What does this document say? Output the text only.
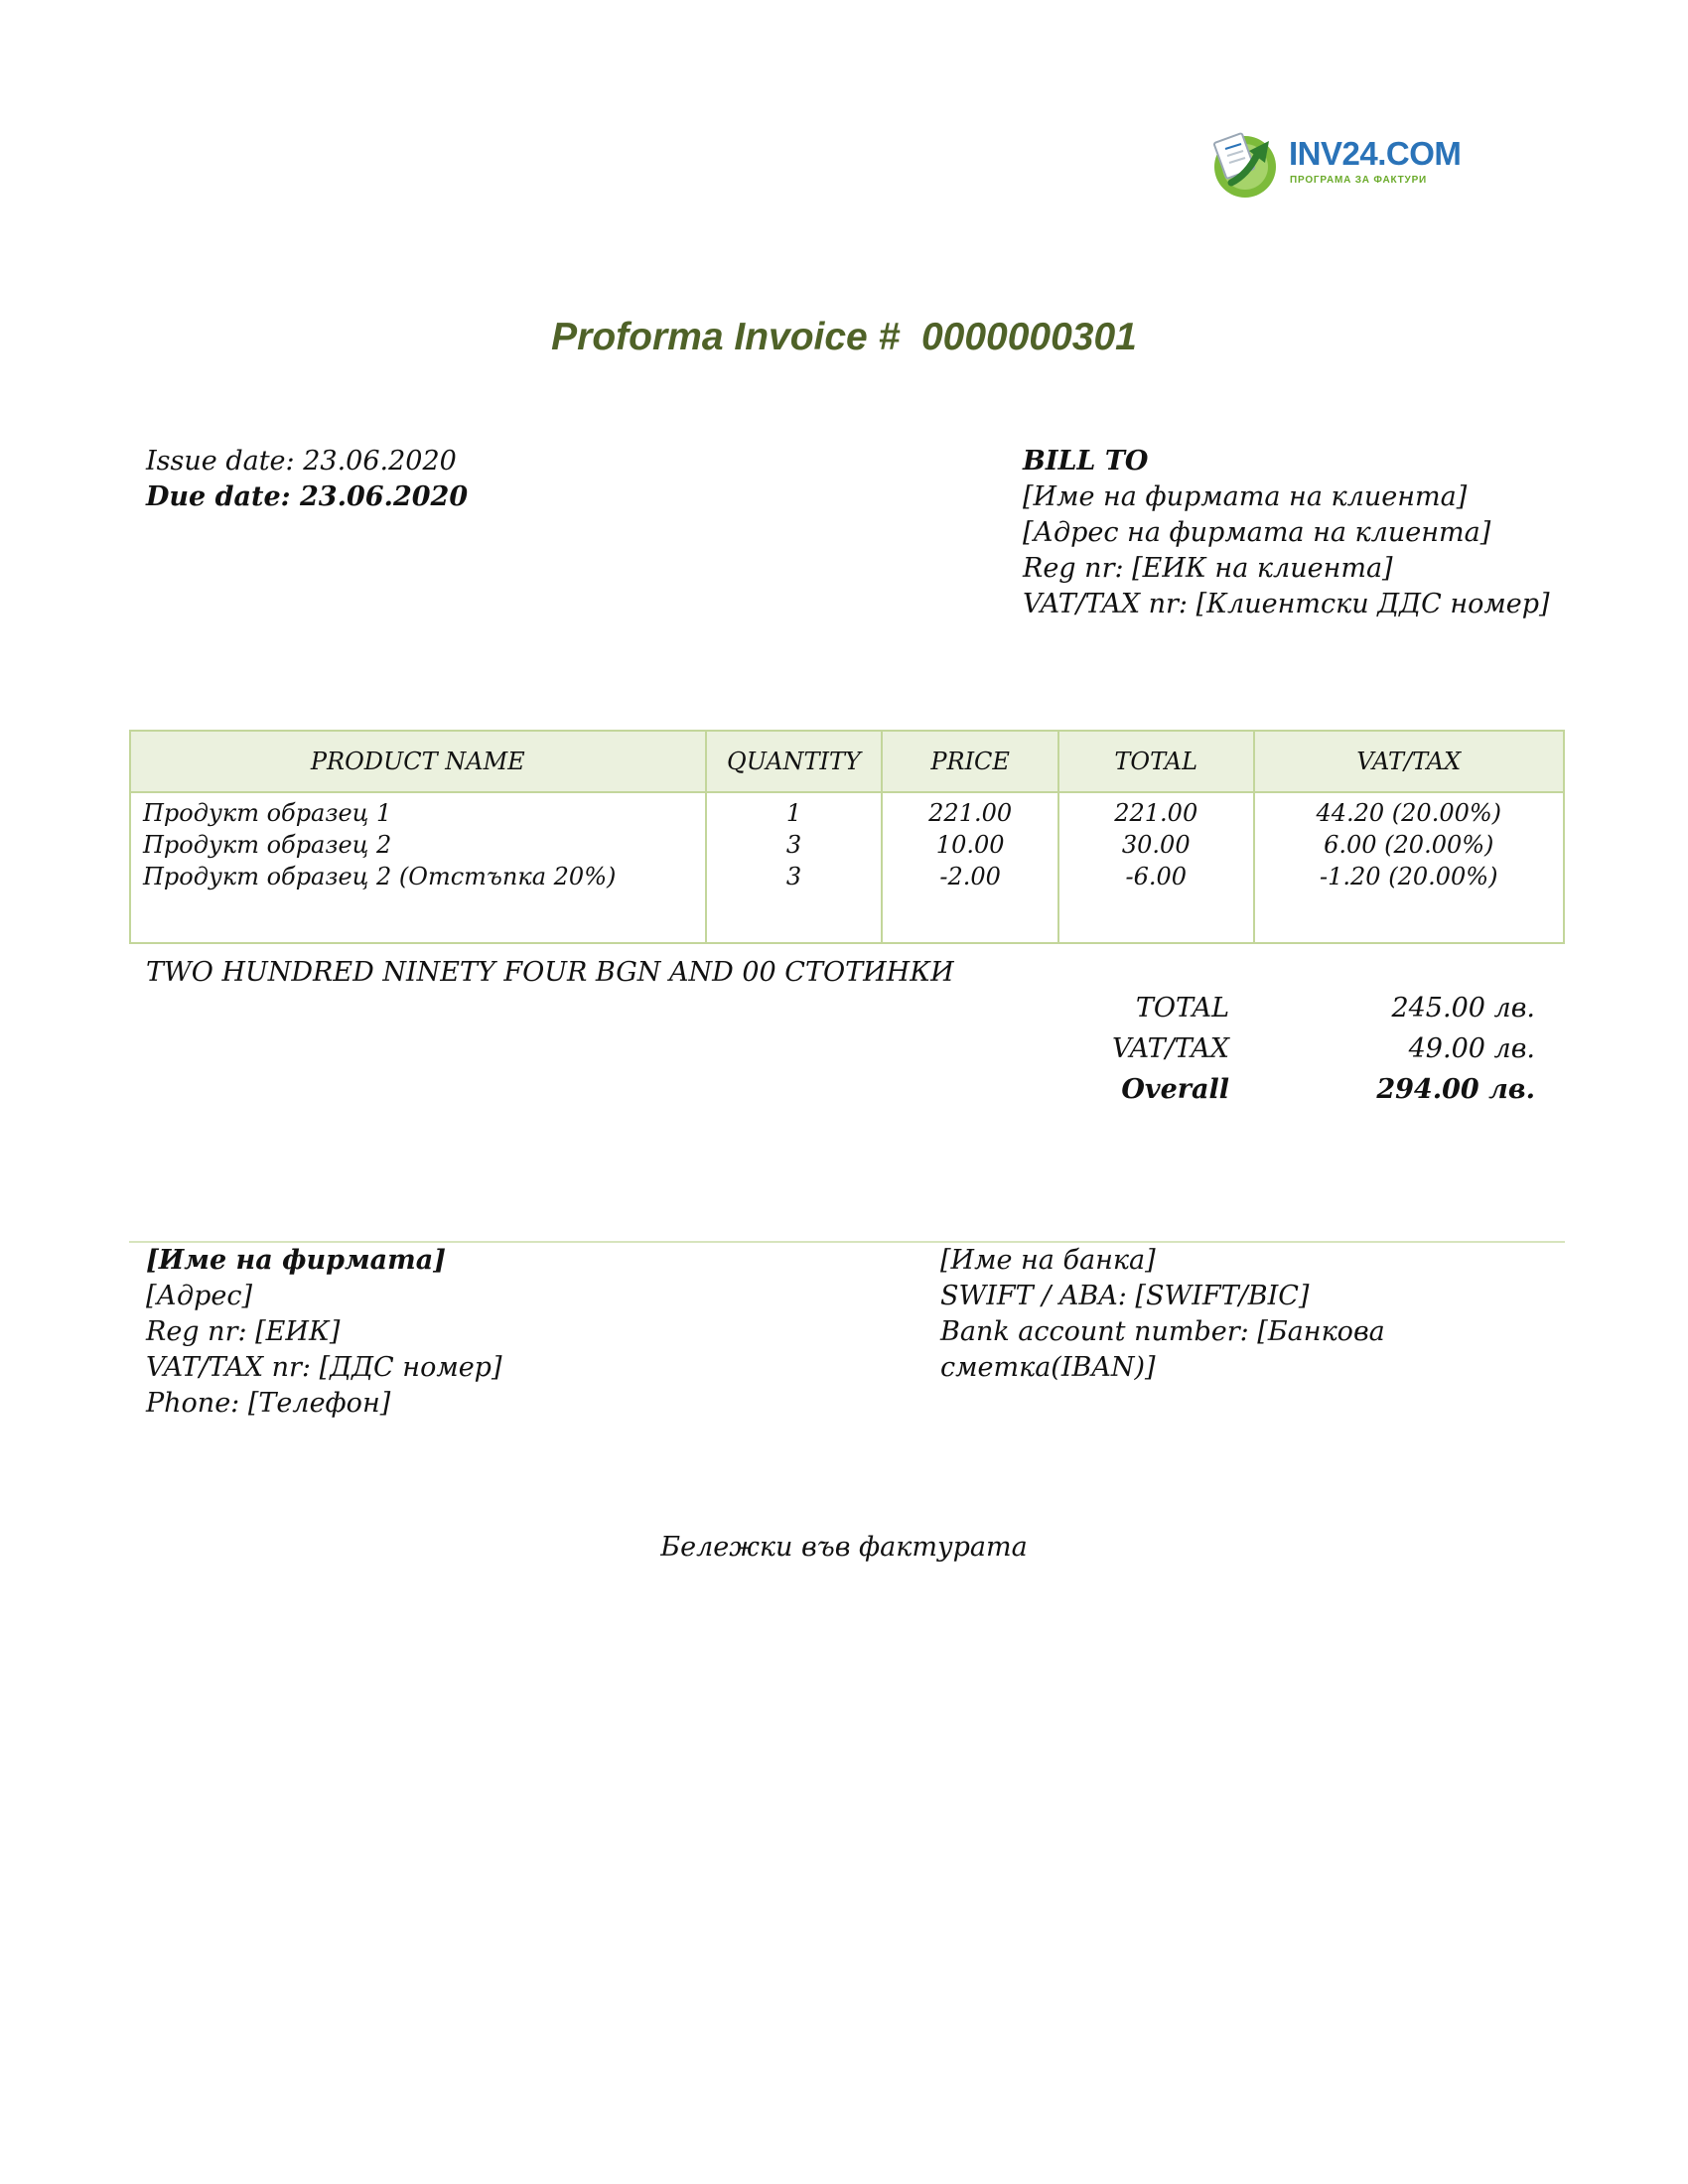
INV24.COM
ПРОГРАМА ЗА ФАКТУРИ
Proforma Invoice #  0000000301
Issue date: 23.06.2020
Due date: 23.06.2020
BILL TO
[Име на фирмата на клиента]
[Адрес на фирмата на клиента]
Reg nr: [ЕИК на клиента]
VAT/TAX nr: [Клиентски ДДС номер]
PRODUCT NAME	QUANTITY	PRICE	TOTAL	VAT/TAX
Продукт образец 1	1	221.00	221.00	44.20 (20.00%)
Продукт образец 2	3	10.00	30.00	6.00 (20.00%)
Продукт образец 2 (Отстъпка 20%)	3	-2.00	-6.00	-1.20 (20.00%)

TWO HUNDRED NINETY FOUR BGN AND 00 СТОТИНКИ
TOTAL	245.00 лв.
VAT/TAX	49.00 лв.
Overall	294.00 лв.
[Име на фирмата]
[Адрес]
Reg nr: [ЕИК]
VAT/TAX nr: [ДДС номер]
Phone: [Телефон]
[Име на банка]
SWIFT / ABA: [SWIFT/BIC]
Bank account number: [Банкова
сметка(IBAN)]
Бележки във фактурата
